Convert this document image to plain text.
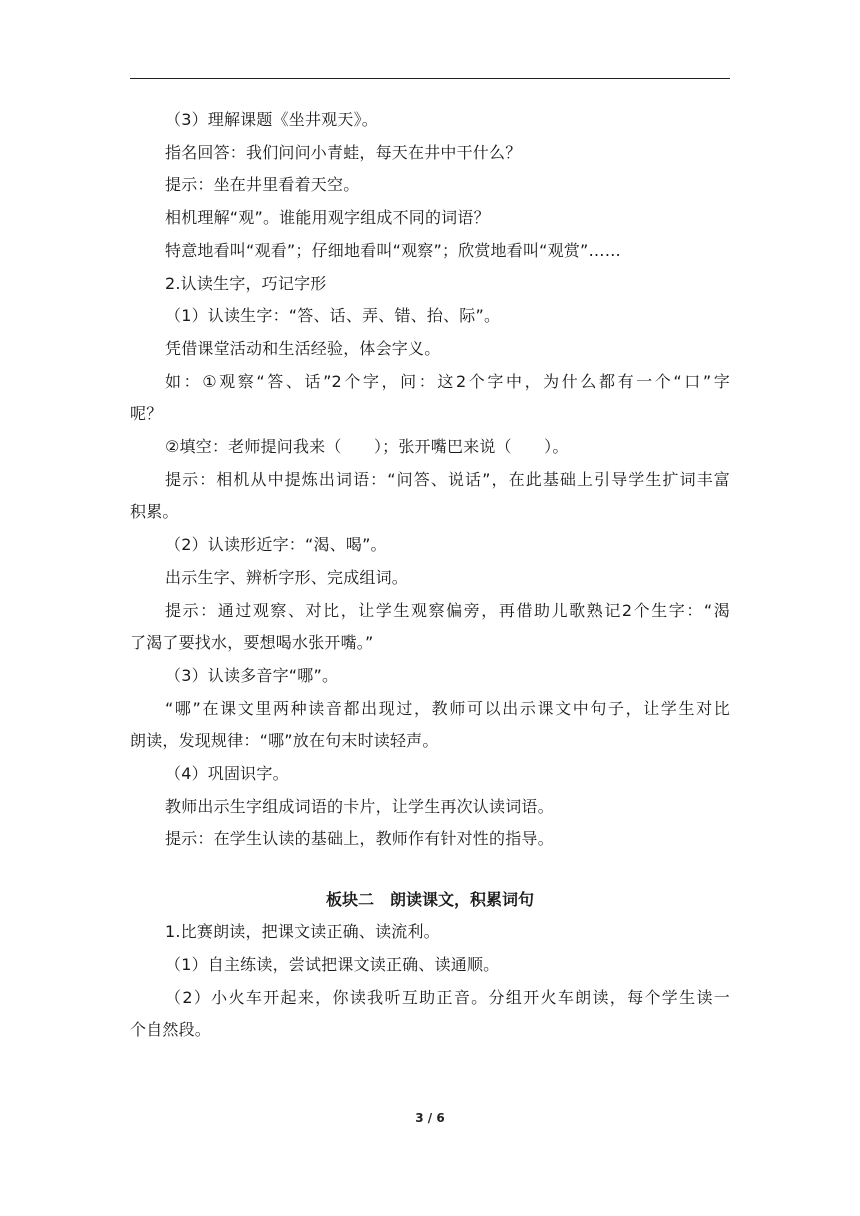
（3）理解课题《坐井观天》。
指名回答：我们问问小青蛙，每天在井中干什么？
提示：坐在井里看着天空。
相机理解“观”。谁能用观字组成不同的词语？
特意地看叫“观看”；仔细地看叫“观察”；欣赏地看叫“观赏”……
2.认读生字，巧记字形
（1）认读生字：“答、话、弄、错、抬、际”。
凭借课堂活动和生活经验，体会字义。
如：①观察“答、话”2个字，问：这2个字中，为什么都有一个“口”字
呢？
②填空：老师提问我来（　　）；张开嘴巴来说（　　）。
提示：相机从中提炼出词语：“问答、说话”，在此基础上引导学生扩词丰富
积累。
（2）认读形近字：“渴、喝”。
出示生字、辨析字形、完成组词。
提示：通过观察、对比，让学生观察偏旁，再借助儿歌熟记2个生字：“渴
了渴了要找水，要想喝水张开嘴。”
（3）认读多音字“哪”。
“哪”在课文里两种读音都出现过，教师可以出示课文中句子，让学生对比
朗读，发现规律：“哪”放在句末时读轻声。
（4）巩固识字。
教师出示生字组成词语的卡片，让学生再次认读词语。
提示：在学生认读的基础上，教师作有针对性的指导。
板块二　朗读课文，积累词句
1.比赛朗读，把课文读正确、读流利。
（1）自主练读，尝试把课文读正确、读通顺。
（2）小火车开起来，你读我听互助正音。分组开火车朗读，每个学生读一
个自然段。
3 / 6
